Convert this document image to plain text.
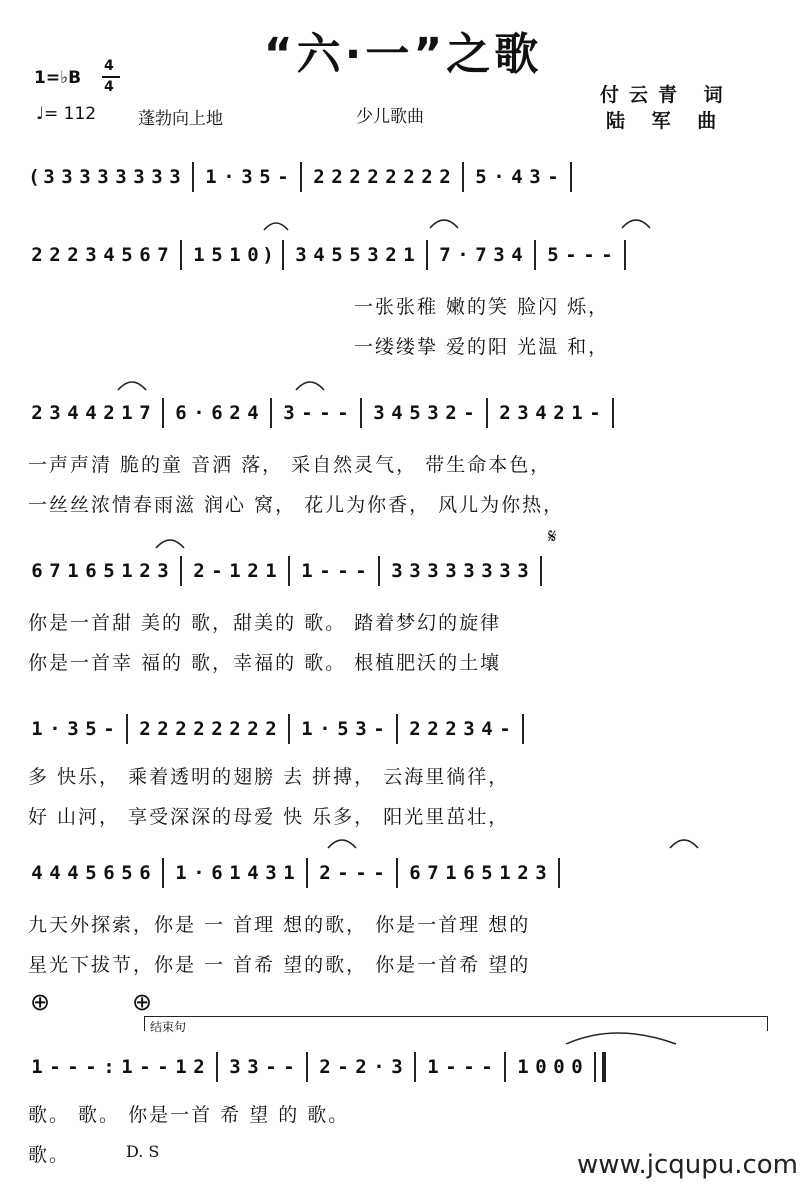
“六·一”之歌
1=♭B
4
4
♩= 112 蓬勃向上地	少儿歌曲
付云青 词
陆 军 曲
( 3 3 3 3 3 3 3 3 1 · 3 5 - 2 2 2 2 2 2 2 2 5 · 4 3 -
2 2 2 3 4 5 6 7 1 5 1 0 ) 3 4 5 5 3 2 1 7 · 7 3 4 5 - - -
2 3 4 4 2 1 7 6 · 6 2 4 3 - - - 3 4 5 3 2 - 2 3 4 2 1 -
6 7 1 6 5 1 2 3 2 - 1 2 1 1 - - - 3 3 3 3 3 3 3 3
1 · 3 5 - 2 2 2 2 2 2 2 2 1 · 5 3 - 2 2 2 3 4 -
4 4 4 5 6 5 6 1 · 6 1 4 3 1 2 - - - 6 7 1 6 5 1 2 3
1 - - - : 1 - - 1 2 3 3 - - 2 - 2 · 3 1 - - - 1 0 0 0
一张张稚 嫩的笑 脸闪 烁，
一缕缕挚 爱的阳 光温 和，
一声声清 脆的童 音洒 落， 采自然灵气， 带生命本色，
一丝丝浓情春雨滋 润心 窝， 花儿为你香， 风儿为你热，
你是一首甜 美的 歌，甜美的 歌。 踏着梦幻的旋律
你是一首幸 福的 歌，幸福的 歌。 根植肥沃的土壤
多 快乐， 乘着透明的翅膀 去 拼搏， 云海里徜徉，
好 山河， 享受深深的母爱 快 乐多， 阳光里茁壮，
九天外探索，你是 一 首理 想的歌， 你是一首理 想的
星光下拔节，你是 一 首希 望的歌， 你是一首希 望的
歌。 歌。 你是一首 希 望 的 歌。
歌。	D. S
𝄋
⊕	⊕
结束句
www.jcqupu.com
